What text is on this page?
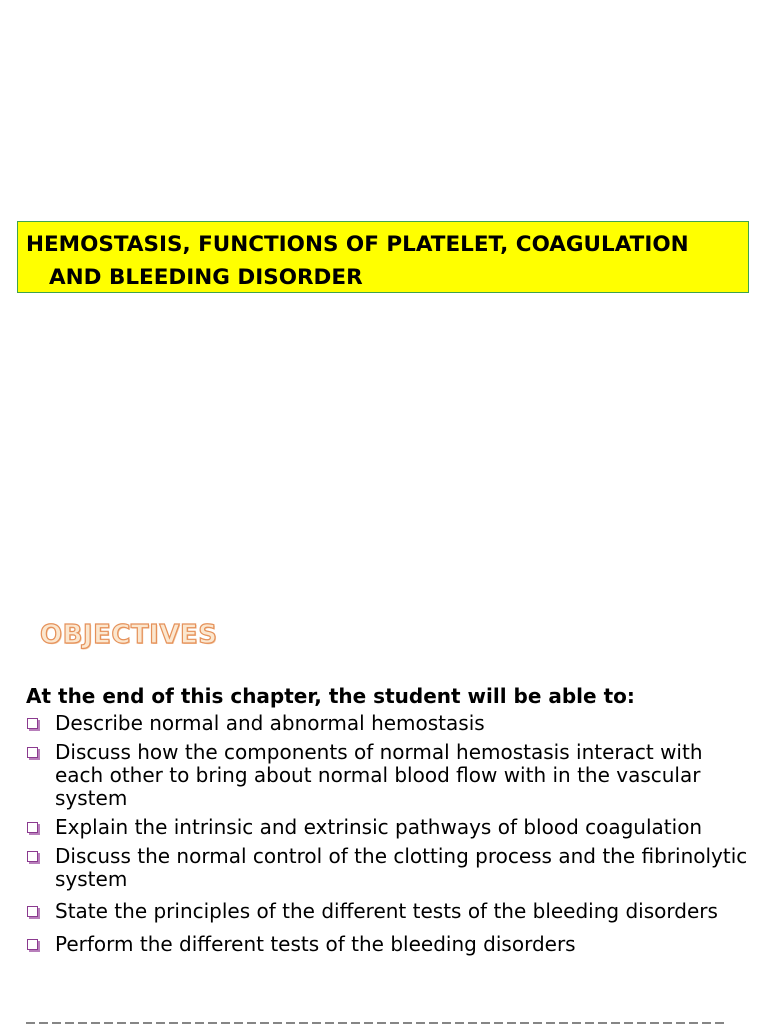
HEMOSTASIS, FUNCTIONS OF PLATELET, COAGULATION
AND BLEEDING DISORDER
OBJECTIVES
At the end of this chapter, the student will be able to:
Describe normal and abnormal hemostasis
Discuss how the components of normal hemostasis interact with each other to bring about normal blood flow with in the vascular system
Explain the intrinsic and extrinsic pathways of blood coagulation
Discuss the normal control of the clotting process and the fibrinolytic system
State the principles of the different tests of the bleeding disorders
Perform the different tests of the bleeding disorders
